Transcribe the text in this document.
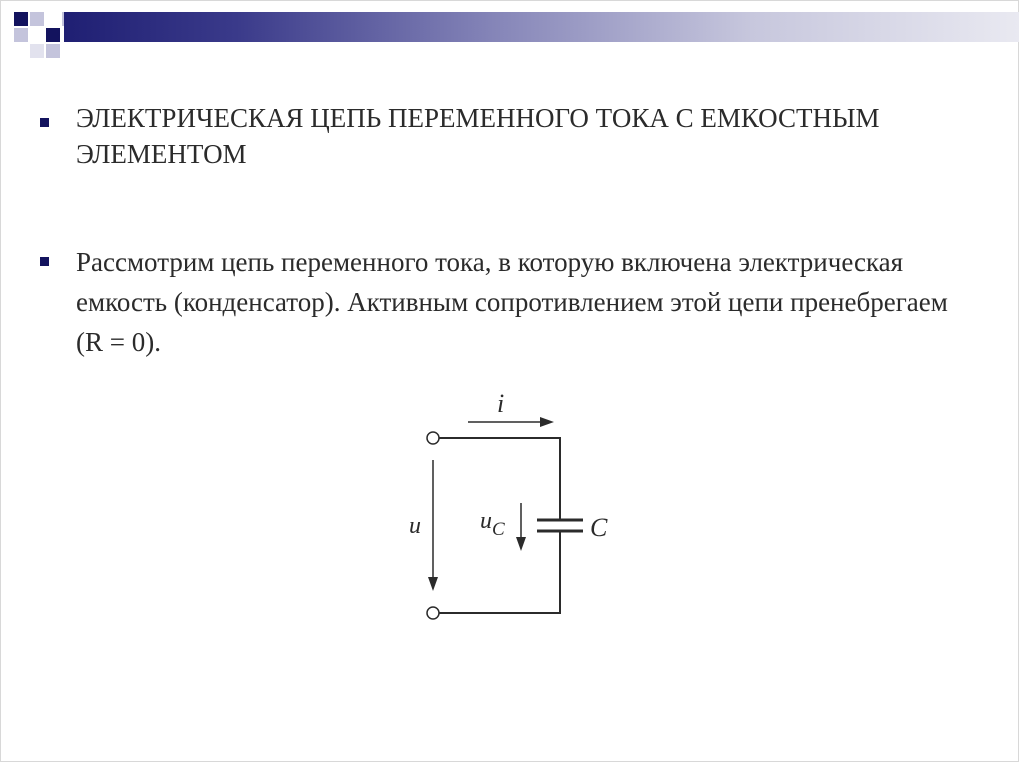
ЭЛЕКТРИЧЕСКАЯ ЦЕПЬ ПЕРЕМЕННОГО ТОКА С ЕМКОСТНЫМ ЭЛЕМЕНТОМ
Рассмотрим цепь переменного тока, в которую включена электрическая емкость (конденсатор). Активным сопротивлением этой цепи пренебрегаем (R = 0).
i
C
u $u_C$
